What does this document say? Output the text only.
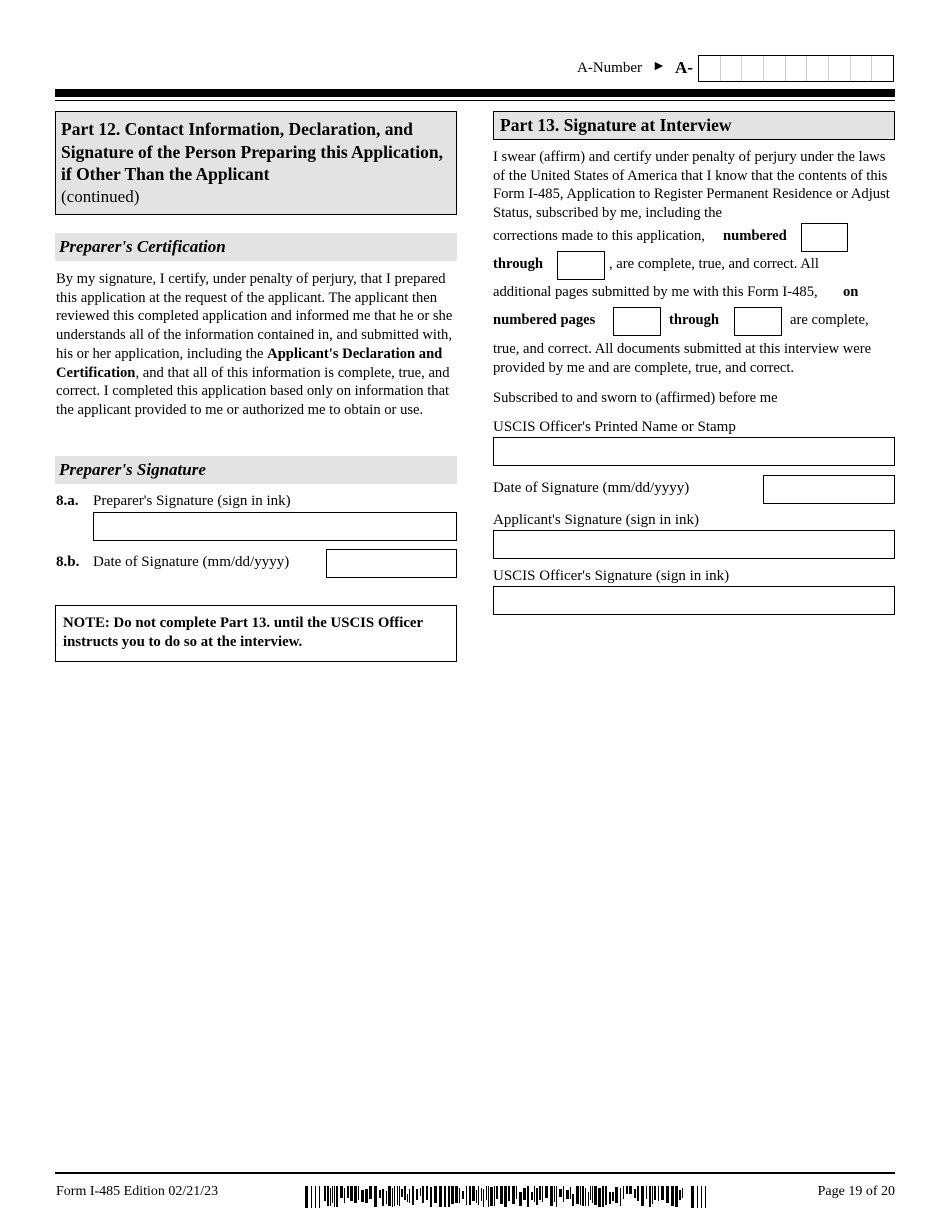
A-Number ► A-
Part 12. Contact Information, Declaration, and Signature of the Person Preparing this Application, if Other Than the Applicant
(continued)
Preparer's Certification
By my signature, I certify, under penalty of perjury, that I prepared this application at the request of the applicant. The applicant then reviewed this completed application and informed me that he or she understands all of the information contained in, and submitted with, his or her application, including the Applicant's Declaration and Certification, and that all of this information is complete, true, and correct. I completed this application based only on information that the applicant provided to me or authorized me to obtain or use.
Preparer's Signature
8.a. Preparer's Signature (sign in ink)
8.b. Date of Signature (mm/dd/yyyy)
NOTE: Do not complete Part 13. until the USCIS Officer instructs you to do so at the interview.
Part 13. Signature at Interview
I swear (affirm) and certify under penalty of perjury under the laws of the United States of America that I know that the contents of this Form I-485, Application to Register Permanent Residence or Adjust Status, subscribed by me, including the
corrections made to this application, numbered
through	, are complete, true, and correct. All
additional pages submitted by me with this Form I-485, on
numbered pages	through	are complete,
true, and correct. All documents submitted at this interview were provided by me and are complete, true, and correct.
Subscribed to and sworn to (affirmed) before me
USCIS Officer's Printed Name or Stamp
Date of Signature (mm/dd/yyyy)
Applicant's Signature (sign in ink)
USCIS Officer's Signature (sign in ink)
Form I-485 Edition 02/21/23	Page 19 of 20
